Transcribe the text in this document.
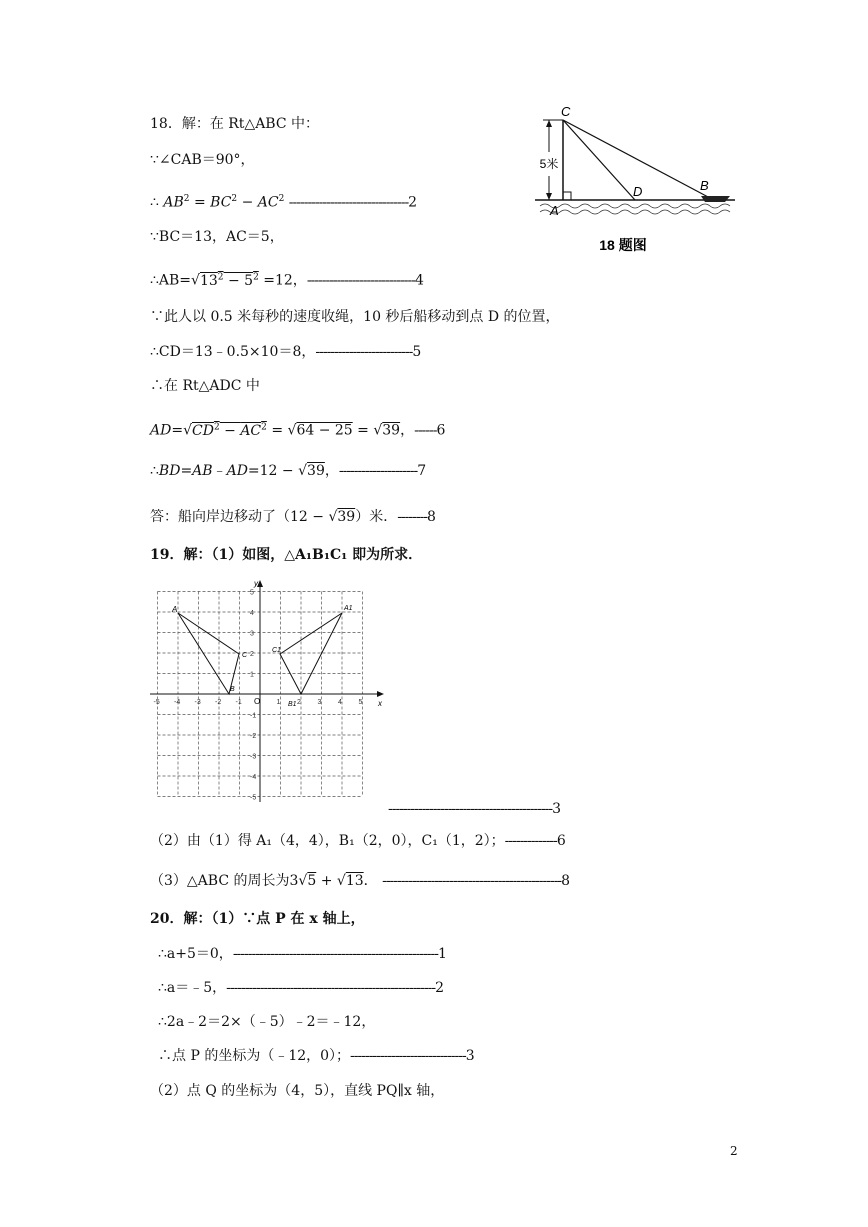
18．解：在 Rt△ABC 中：
∵∠CAB＝90°，
∴ $AB^2 = BC^2 - AC^2$ --------------------------------2
∵BC＝13，AC＝5，
$\therefore AB=√13^2 - 5^2 =12$，-----------------------------4
∵此人以 0.5 米每秒的速度收绳，10 秒后船移动到点 D 的位置，
∴CD＝13﹣0.5×10＝8，--------------------------5
∴在 Rt△ADC 中
$AD=√CD^2 - AC^2 = √64 - 25 = √39$，------6
∴BD=AB﹣AD=12 − √39，---------------------7
答：船向岸边移动了（12 − √39）米．--------8
5米
C
A
D	B
18 题图
19．解：（1）如图，△A₁B₁C₁ 即为所求．
x
y
O
-5 -4 -3 -2 -1	1 2 3 4 5
5
4
3
2
1
-1
-2
-3
-4
-5
A
B
C
A1
B1
C1
--------------------------------------------3
（2）由（1）得 A₁（4，4），B₁（2，0），C₁（1，2）；--------------6
（3）△ABC 的周长为3√5 + √13． ------------------------------------------------8
20．解：（1）∵点 P 在 x 轴上，
∴a+5＝0，-------------------------------------------------------1
∴a＝﹣5，--------------------------------------------------------2
∴2a﹣2＝2×（﹣5）﹣2＝﹣12，
∴点 P 的坐标为（﹣12，0）；-------------------------------3
（2）点 Q 的坐标为（4，5），直线 PQ∥x 轴，
2
